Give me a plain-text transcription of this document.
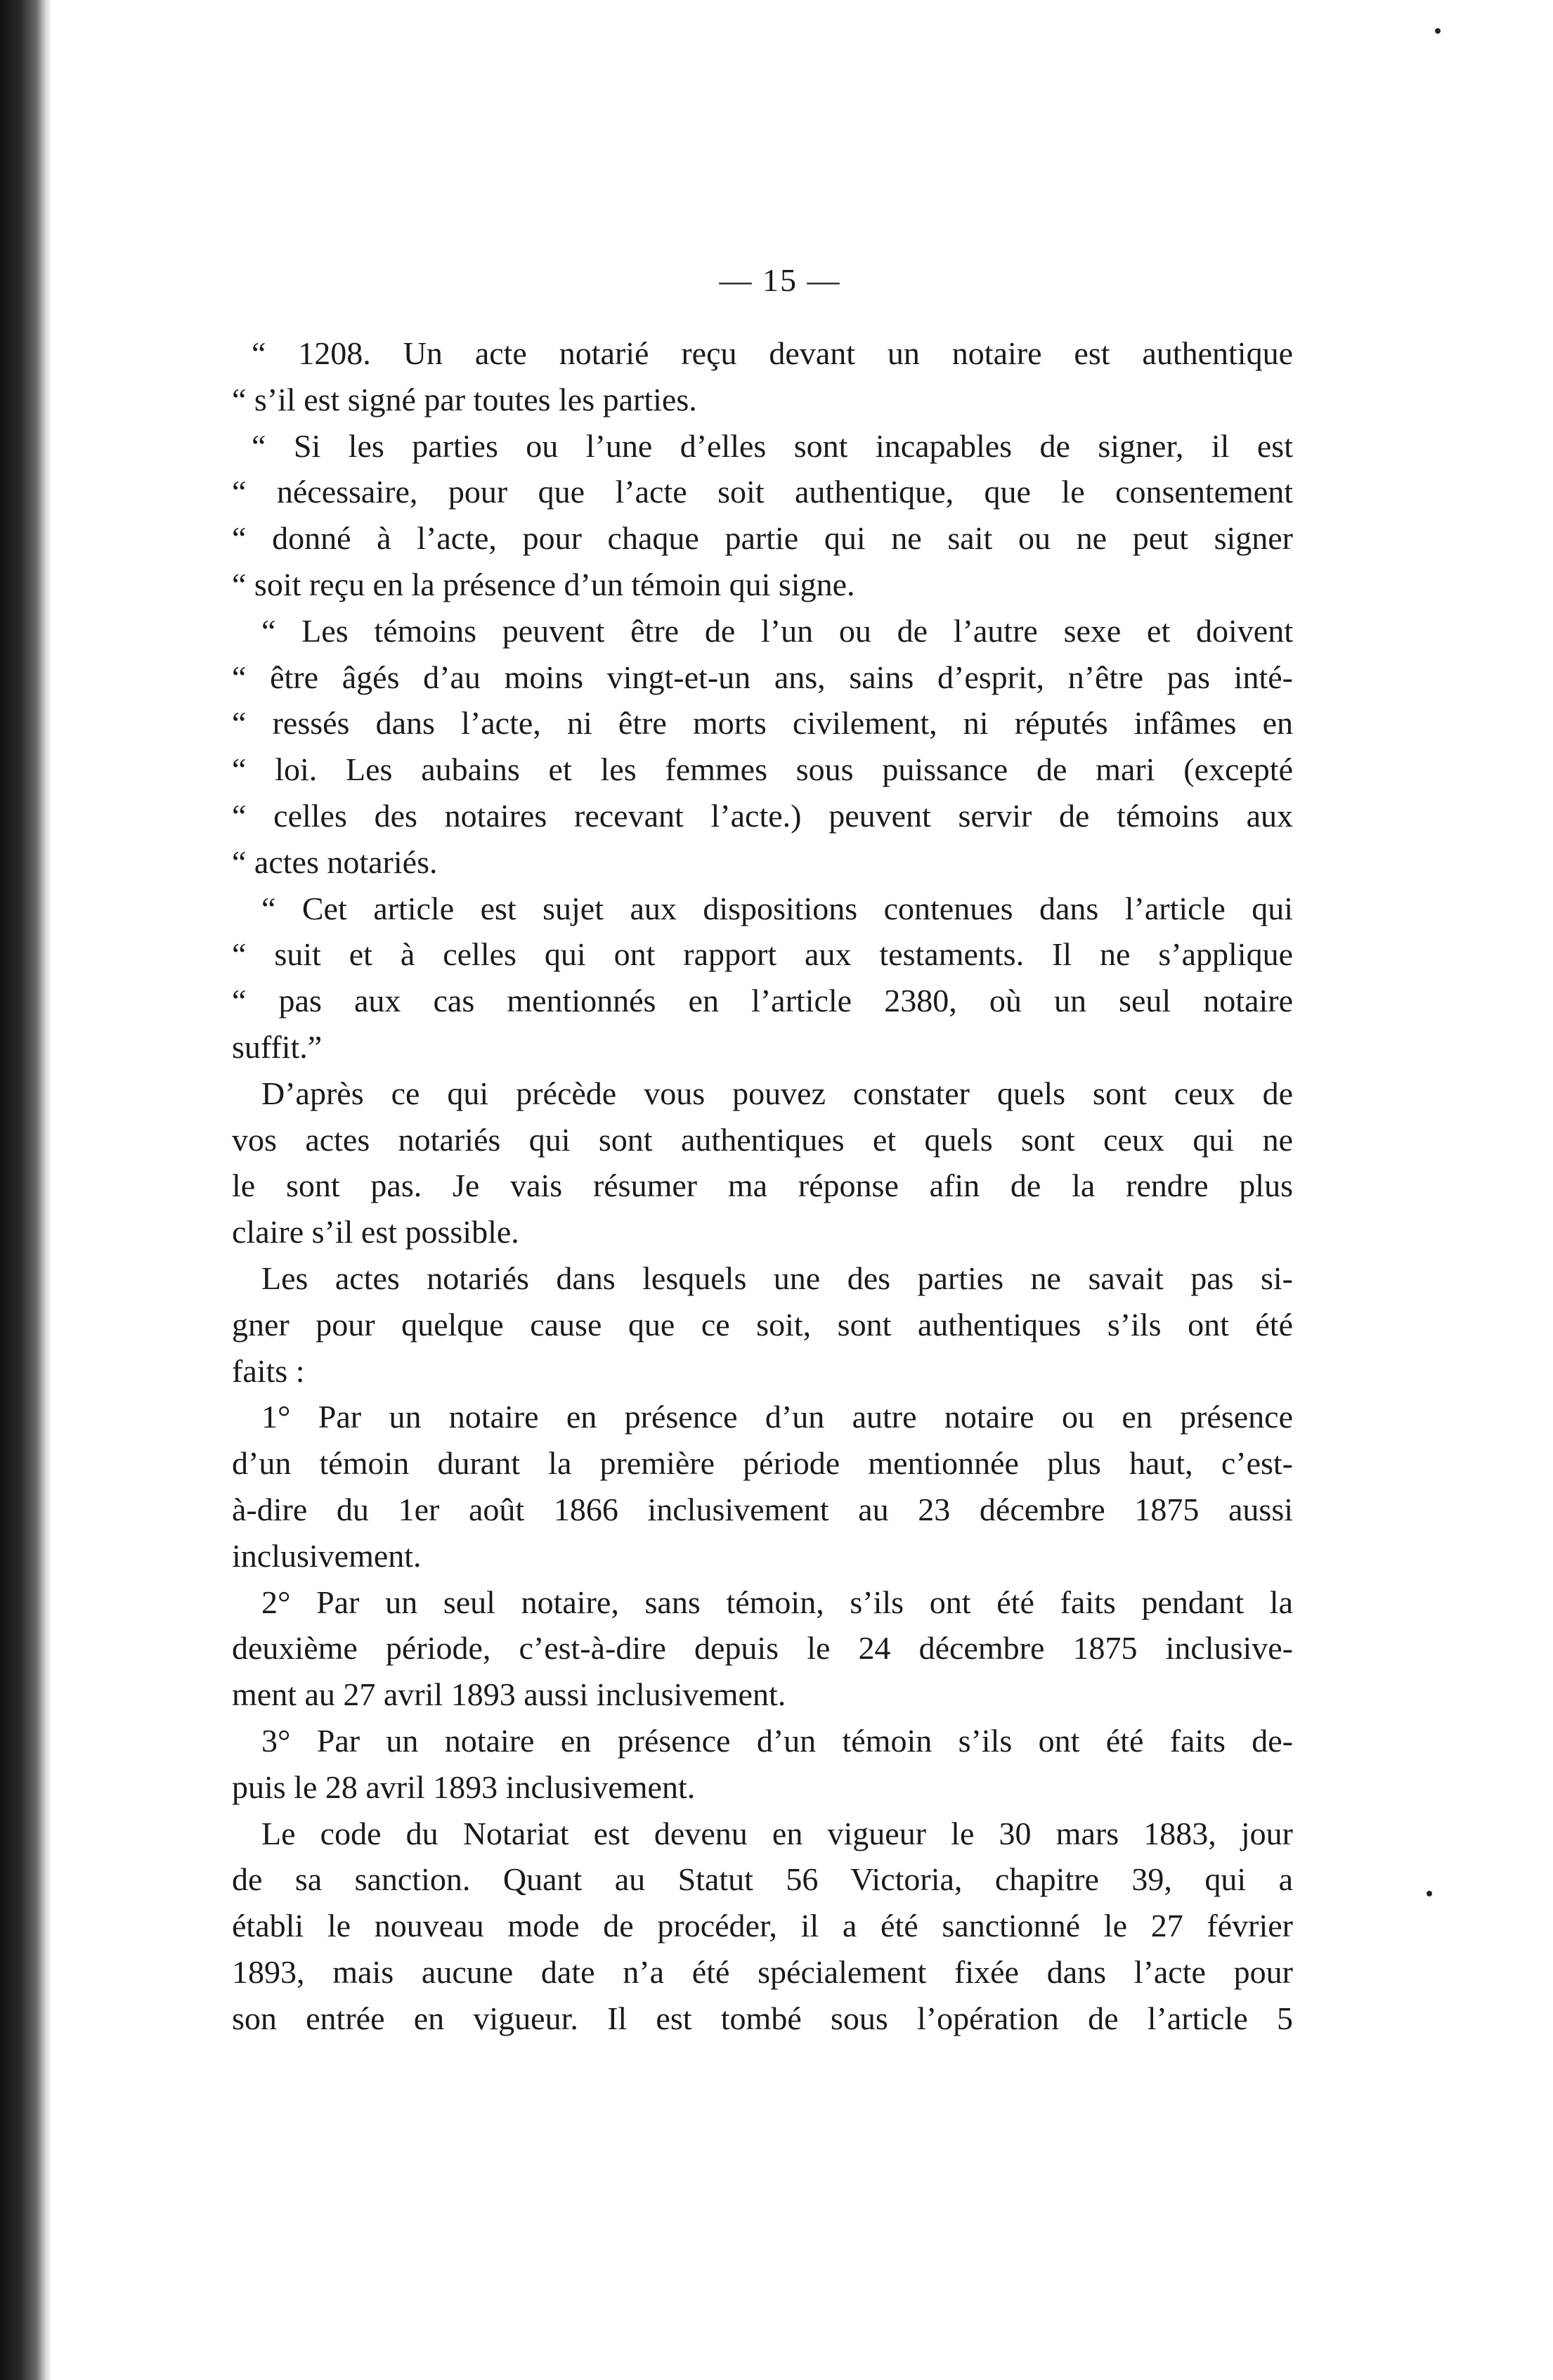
— 15 —
“ 1208. Un acte notarié reçu devant un notaire est authentique
“ s’il est signé par toutes les parties.
“ Si les parties ou l’une d’elles sont incapables de signer, il est
“ nécessaire, pour que l’acte soit authentique, que le consentement
“ donné à l’acte, pour chaque partie qui ne sait ou ne peut signer
“ soit reçu en la présence d’un témoin qui signe.
“ Les témoins peuvent être de l’un ou de l’autre sexe et doivent
“ être âgés d’au moins vingt-et-un ans, sains d’esprit, n’être pas inté-
“ ressés dans l’acte, ni être morts civilement, ni réputés infâmes en
“ loi. Les aubains et les femmes sous puissance de mari (excepté
“ celles des notaires recevant l’acte.) peuvent servir de témoins aux
“ actes notariés.
“ Cet article est sujet aux dispositions contenues dans l’article qui
“ suit et à celles qui ont rapport aux testaments. Il ne s’applique
“ pas aux cas mentionnés en l’article 2380, où un seul notaire
suffit.”
D’après ce qui précède vous pouvez constater quels sont ceux de
vos actes notariés qui sont authentiques et quels sont ceux qui ne
le sont pas. Je vais résumer ma réponse afin de la rendre plus
claire s’il est possible.
Les actes notariés dans lesquels une des parties ne savait pas si-
gner pour quelque cause que ce soit, sont authentiques s’ils ont été
faits :
1° Par un notaire en présence d’un autre notaire ou en présence
d’un témoin durant la première période mentionnée plus haut, c’est-
à-dire du 1er août 1866 inclusivement au 23 décembre 1875 aussi
inclusivement.
2° Par un seul notaire, sans témoin, s’ils ont été faits pendant la
deuxième période, c’est-à-dire depuis le 24 décembre 1875 inclusive-
ment au 27 avril 1893 aussi inclusivement.
3° Par un notaire en présence d’un témoin s’ils ont été faits de-
puis le 28 avril 1893 inclusivement.
Le code du Notariat est devenu en vigueur le 30 mars 1883, jour
de sa sanction. Quant au Statut 56 Victoria, chapitre 39, qui a
établi le nouveau mode de procéder, il a été sanctionné le 27 février
1893, mais aucune date n’a été spécialement fixée dans l’acte pour
son entrée en vigueur. Il est tombé sous l’opération de l’article 5
